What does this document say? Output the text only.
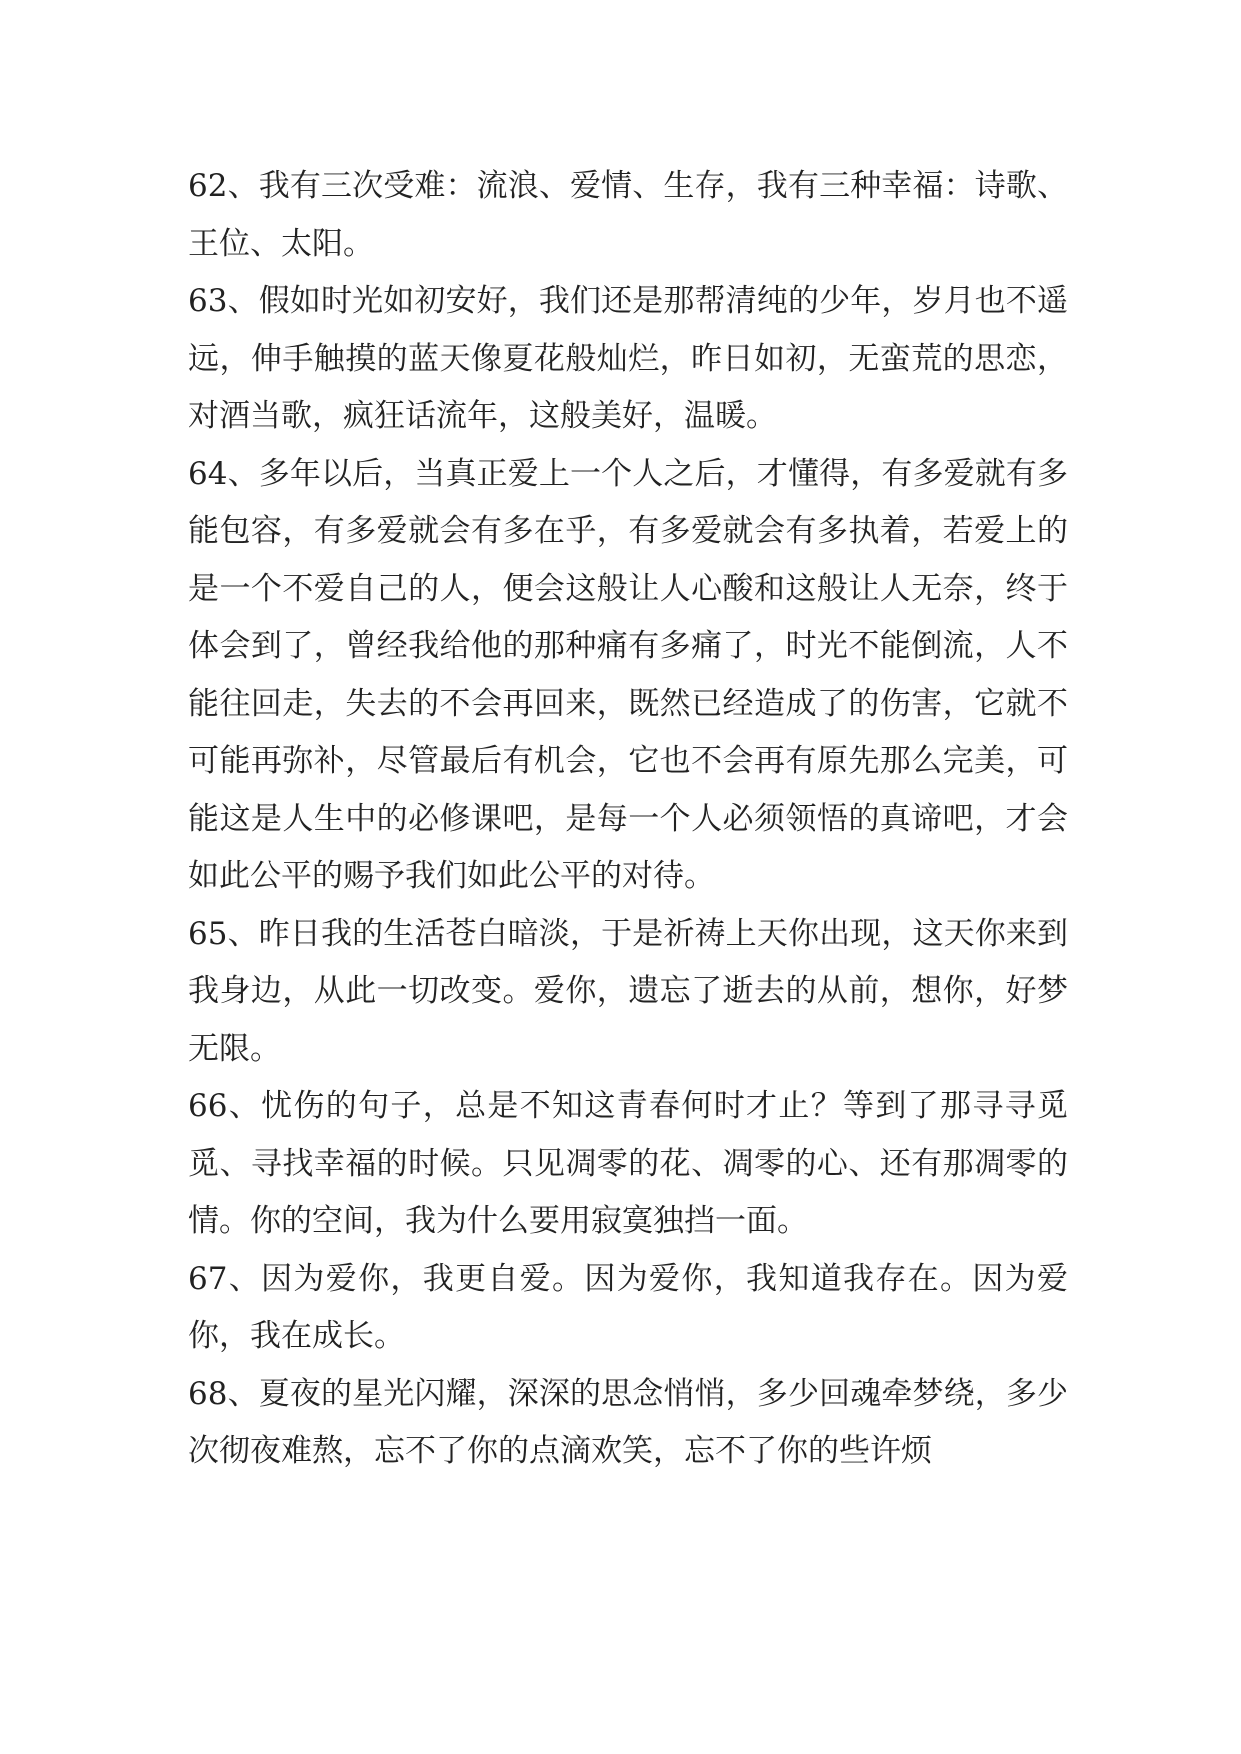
62、我有三次受难：流浪、爱情、生存，我有三种幸福：诗歌、王位、太阳。

63、假如时光如初安好，我们还是那帮清纯的少年，岁月也不遥远，伸手触摸的蓝天像夏花般灿烂，昨日如初，无蛮荒的思恋，对酒当歌，疯狂话流年，这般美好，温暖。

64、多年以后，当真正爱上一个人之后，才懂得，有多爱就有多能包容，有多爱就会有多在乎，有多爱就会有多执着，若爱上的是一个不爱自己的人，便会这般让人心酸和这般让人无奈，终于体会到了，曾经我给他的那种痛有多痛了，时光不能倒流，人不能往回走，失去的不会再回来，既然已经造成了的伤害，它就不可能再弥补，尽管最后有机会，它也不会再有原先那么完美，可能这是人生中的必修课吧，是每一个人必须领悟的真谛吧，才会如此公平的赐予我们如此公平的对待。

65、昨日我的生活苍白暗淡，于是祈祷上天你出现，这天你来到我身边，从此一切改变。爱你，遗忘了逝去的从前，想你，好梦无限。

66、忧伤的句子，总是不知这青春何时才止？等到了那寻寻觅觅、寻找幸福的时候。只见凋零的花、凋零的心、还有那凋零的情。你的空间，我为什么要用寂寞独挡一面。

67、因为爱你，我更自爱。因为爱你，我知道我存在。因为爱你，我在成长。

68、夏夜的星光闪耀，深深的思念悄悄，多少回魂牵梦绕，多少次彻夜难熬，忘不了你的点滴欢笑，忘不了你的些许烦
